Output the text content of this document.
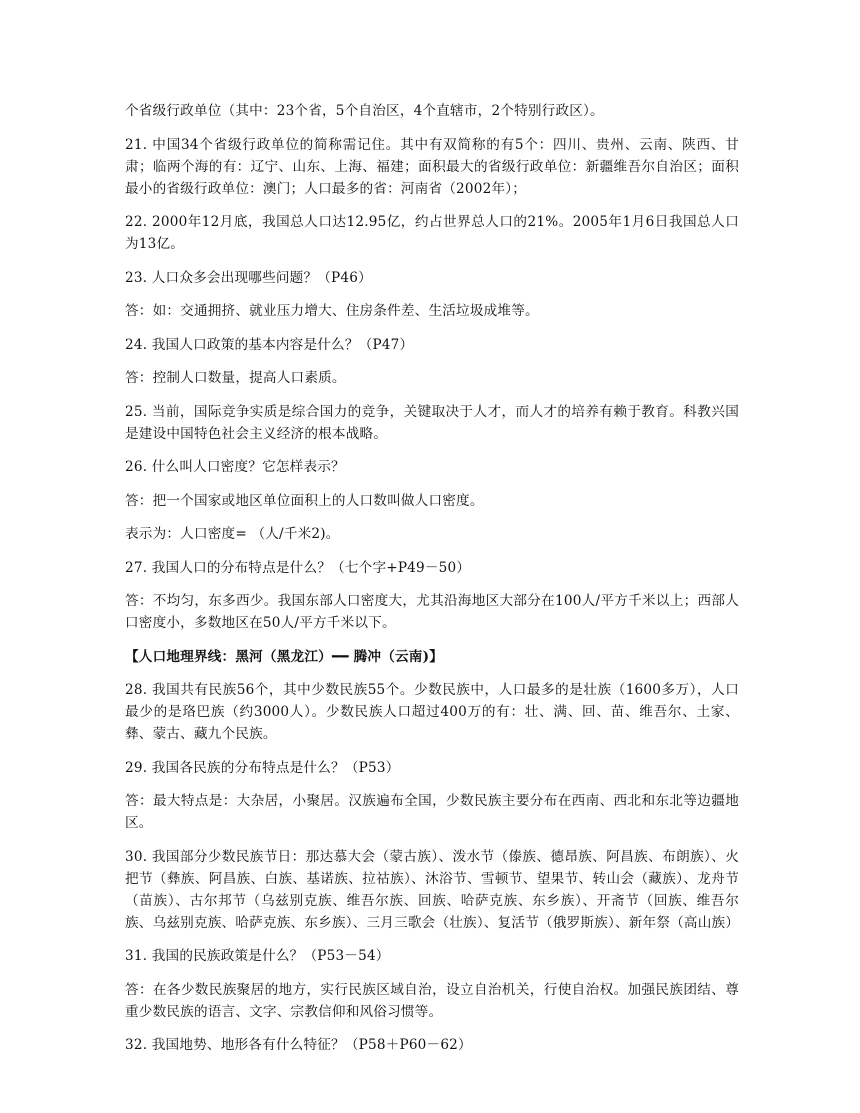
个省级行政单位（其中：23个省，5个自治区，4个直辖市，2个特别行政区）。

21. 中国34个省级行政单位的简称需记住。其中有双简称的有5个：四川、贵州、云南、陕西、甘肃；临两个海的有：辽宁、山东、上海、福建；面积最大的省级行政单位：新疆维吾尔自治区；面积最小的省级行政单位：澳门；人口最多的省：河南省（2002年）；

22. 2000年12月底，我国总人口达12.95亿，约占世界总人口的21%。2005年1月6日我国总人口为13亿。

23. 人口众多会出现哪些问题？（P46）

答：如：交通拥挤、就业压力增大、住房条件差、生活垃圾成堆等。

24. 我国人口政策的基本内容是什么？（P47）

答：控制人口数量，提高人口素质。

25. 当前，国际竞争实质是综合国力的竞争，关键取决于人才，而人才的培养有赖于教育。科教兴国是建设中国特色社会主义经济的根本战略。

26. 什么叫人口密度？它怎样表示？

答：把一个国家或地区单位面积上的人口数叫做人口密度。

表示为：人口密度= （人/千米2)。

27. 我国人口的分布特点是什么？（七个字+P49－50）

答：不均匀，东多西少。我国东部人口密度大，尤其沿海地区大部分在100人/平方千米以上；西部人口密度小，多数地区在50人/平方千米以下。

【人口地理界线：黑河（黑龙江）━━ 腾冲（云南)】

28. 我国共有民族56个，其中少数民族55个。少数民族中，人口最多的是壮族（1600多万），人口最少的是珞巴族（约3000人）。少数民族人口超过400万的有：壮、满、回、苗、维吾尔、土家、彝、蒙古、藏九个民族。

29. 我国各民族的分布特点是什么？（P53）

答：最大特点是：大杂居，小聚居。汉族遍布全国，少数民族主要分布在西南、西北和东北等边疆地区。

30. 我国部分少数民族节日：那达慕大会（蒙古族）、泼水节（傣族、德昂族、阿昌族、布朗族）、火把节（彝族、阿昌族、白族、基诺族、拉祜族）、沐浴节、雪顿节、望果节、转山会（藏族）、龙舟节（苗族）、古尔邦节（乌兹别克族、维吾尔族、回族、哈萨克族、东乡族）、开斋节（回族、维吾尔族、乌兹别克族、哈萨克族、东乡族）、三月三歌会（壮族）、复活节（俄罗斯族）、新年祭（高山族）

31. 我国的民族政策是什么？（P53－54）

答：在各少数民族聚居的地方，实行民族区域自治，设立自治机关，行使自治权。加强民族团结、尊重少数民族的语言、文字、宗教信仰和风俗习惯等。

32. 我国地势、地形各有什么特征？（P58＋P60－62）
